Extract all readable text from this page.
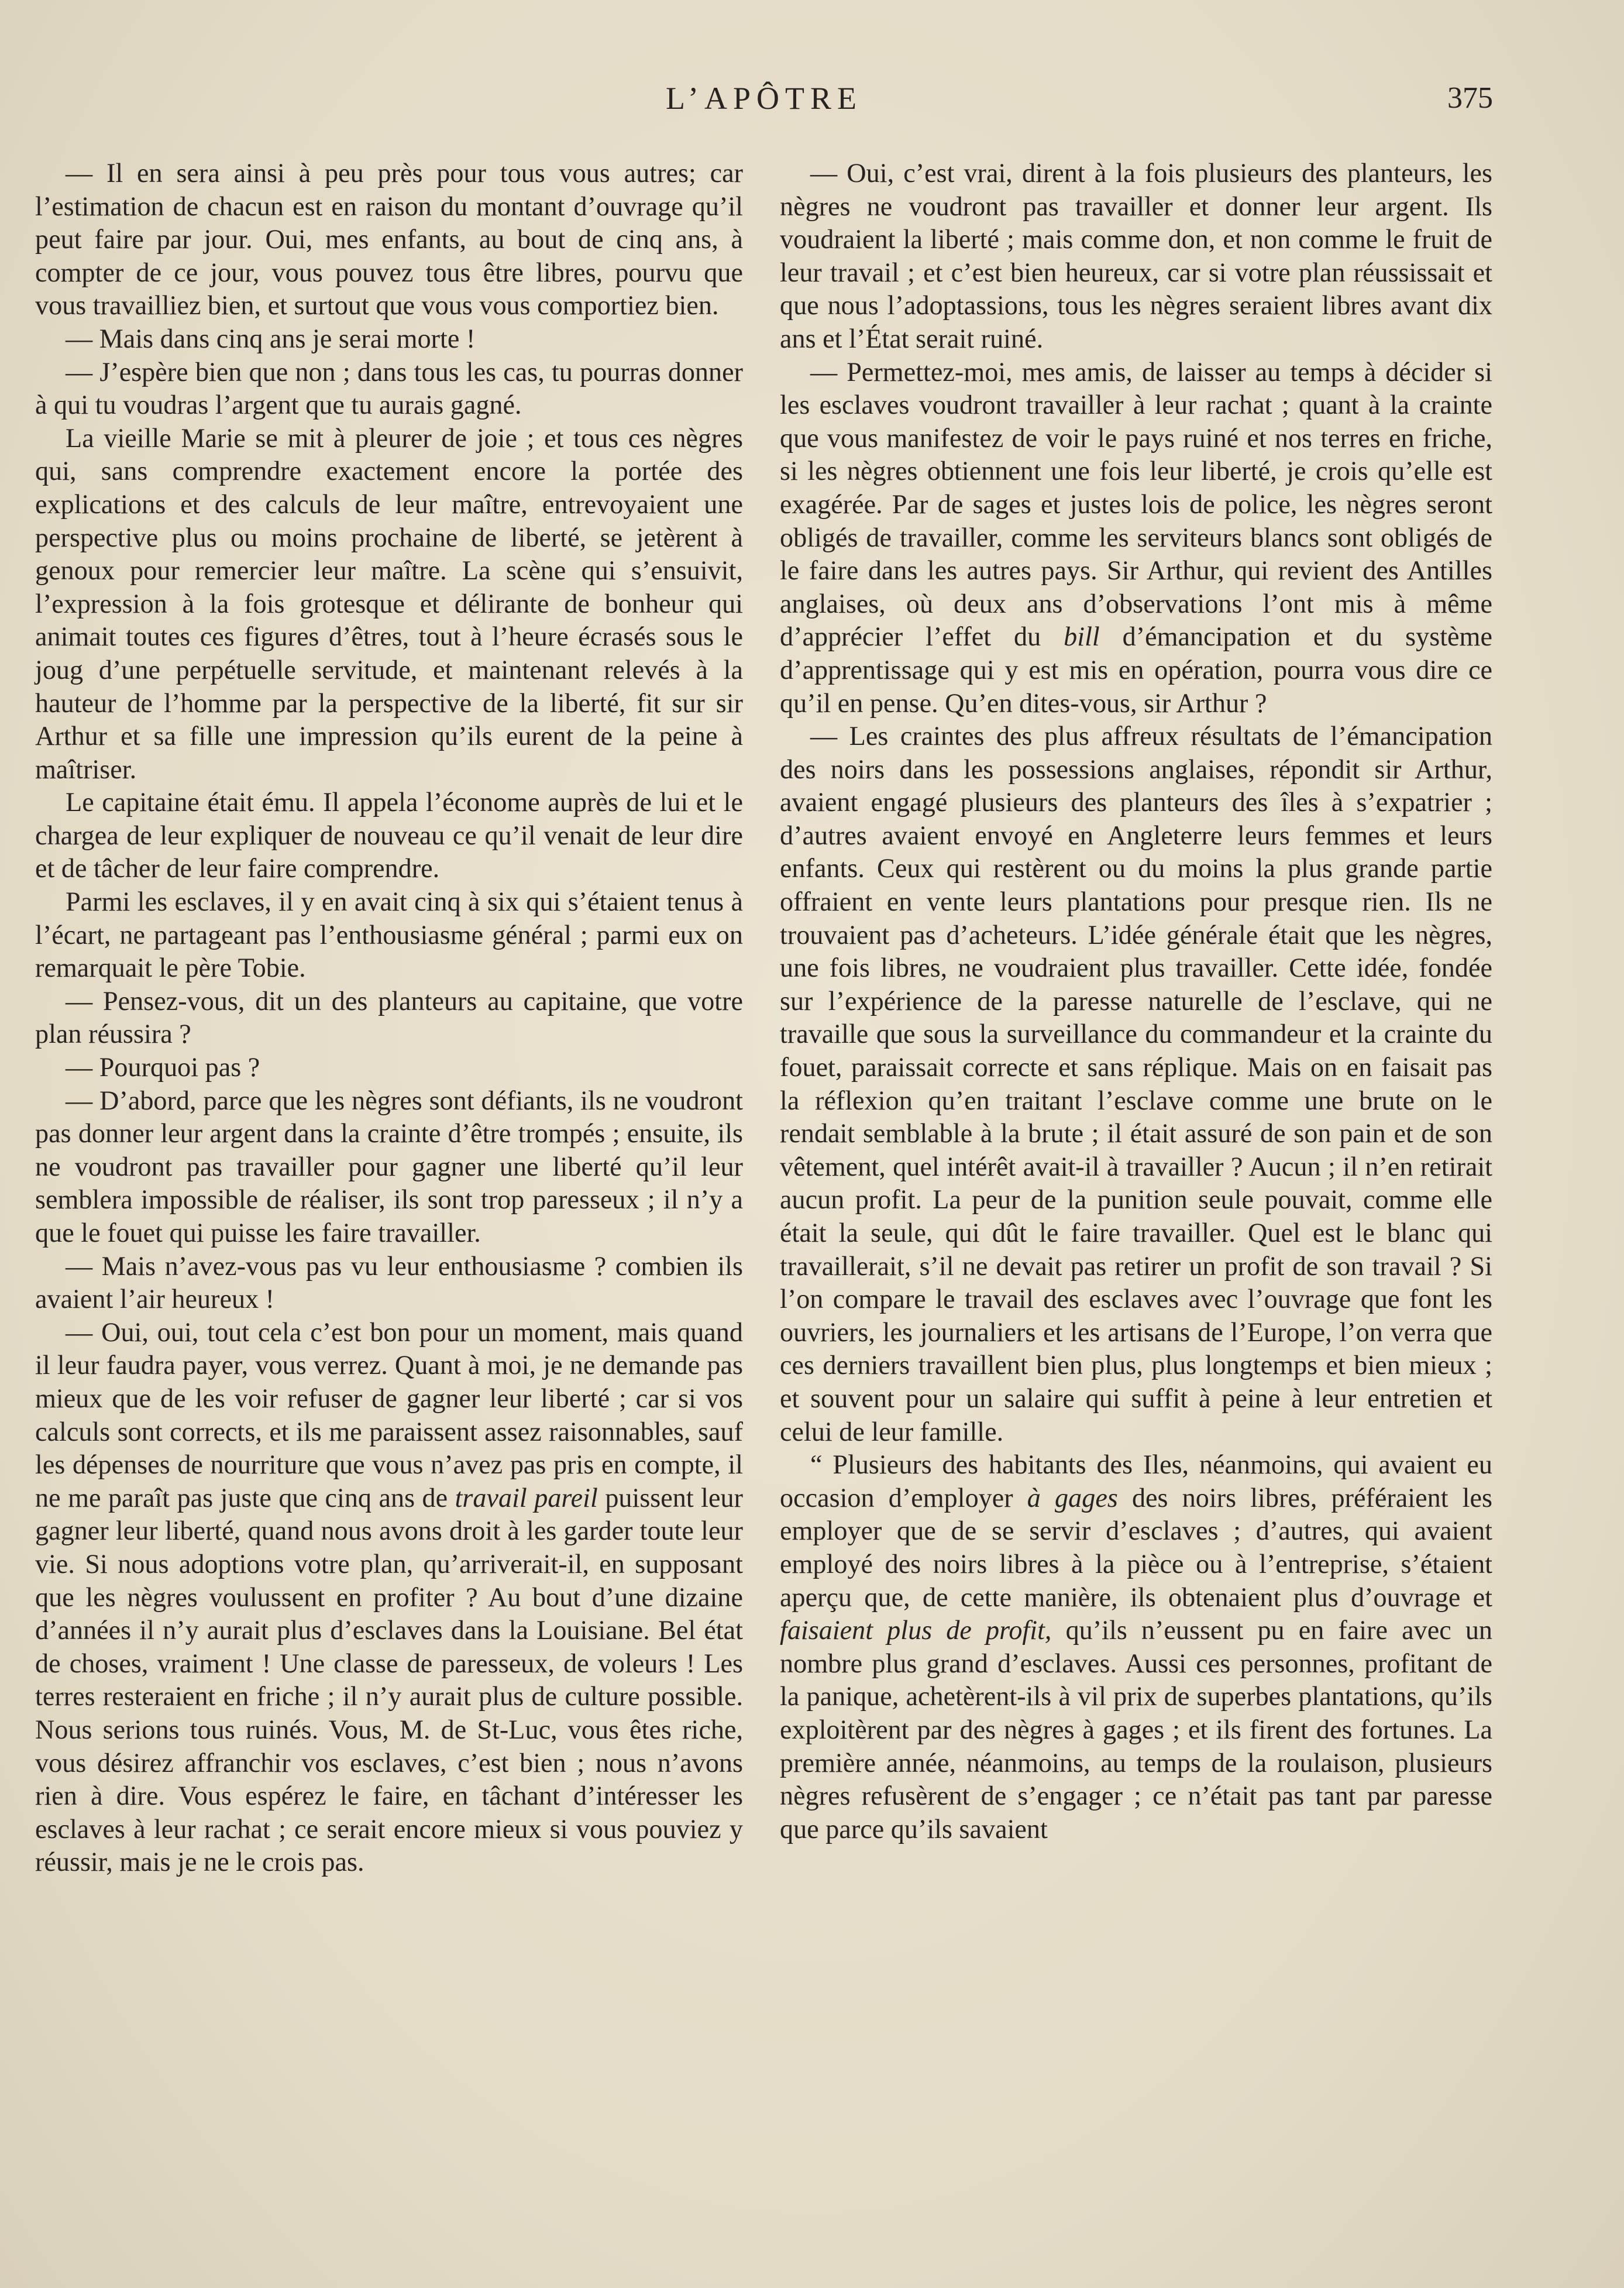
L’APÔTRE	375

— Il en sera ainsi à peu près pour tous vous autres; car l’estimation de chacun est en raison du montant d’ouvrage qu’il peut faire par jour. Oui, mes enfants, au bout de cinq ans, à compter de ce jour, vous pouvez tous être libres, pourvu que vous travailliez bien, et surtout que vous vous comportiez bien.

— Mais dans cinq ans je serai morte !

— J’espère bien que non ; dans tous les cas, tu pourras donner à qui tu voudras l’argent que tu aurais gagné.

La vieille Marie se mit à pleurer de joie ; et tous ces nègres qui, sans comprendre exactement encore la portée des explications et des calculs de leur maître, entrevoyaient une perspective plus ou moins prochaine de liberté, se jetèrent à genoux pour remercier leur maître. La scène qui s’ensuivit, l’expression à la fois grotesque et délirante de bonheur qui animait toutes ces figures d’êtres, tout à l’heure écrasés sous le joug d’une perpétuelle servitude, et maintenant relevés à la hauteur de l’homme par la perspective de la liberté, fit sur sir Arthur et sa fille une impression qu’ils eurent de la peine à maîtriser.

Le capitaine était ému. Il appela l’économe auprès de lui et le chargea de leur expliquer de nouveau ce qu’il venait de leur dire et de tâcher de leur faire comprendre.

Parmi les esclaves, il y en avait cinq à six qui s’étaient tenus à l’écart, ne partageant pas l’enthousiasme général ; parmi eux on remarquait le père Tobie.

— Pensez-vous, dit un des planteurs au capitaine, que votre plan réussira ?

— Pourquoi pas ?

— D’abord, parce que les nègres sont défiants, ils ne voudront pas donner leur argent dans la crainte d’être trompés ; ensuite, ils ne voudront pas travailler pour gagner une liberté qu’il leur semblera impossible de réaliser, ils sont trop paresseux ; il n’y a que le fouet qui puisse les faire travailler.

— Mais n’avez-vous pas vu leur enthousiasme ? combien ils avaient l’air heureux !

— Oui, oui, tout cela c’est bon pour un moment, mais quand il leur faudra payer, vous verrez. Quant à moi, je ne demande pas mieux que de les voir refuser de gagner leur liberté ; car si vos calculs sont corrects, et ils me paraissent assez raisonnables, sauf les dépenses de nourriture que vous n’avez pas pris en compte, il ne me paraît pas juste que cinq ans de travail pareil puissent leur gagner leur liberté, quand nous avons droit à les garder toute leur vie. Si nous adoptions votre plan, qu’arriverait-il, en supposant que les nègres voulussent en profiter ? Au bout d’une dizaine d’années il n’y aurait plus d’esclaves dans la Louisiane. Bel état de choses, vraiment ! Une classe de paresseux, de voleurs ! Les terres resteraient en friche ; il n’y aurait plus de culture possible. Nous serions tous ruinés. Vous, M. de St-Luc, vous êtes riche, vous désirez affranchir vos esclaves, c’est bien ; nous n’avons rien à dire. Vous espérez le faire, en tâchant d’intéresser les esclaves à leur rachat ; ce serait encore mieux si vous pouviez y réussir, mais je ne le crois pas.

— Oui, c’est vrai, dirent à la fois plusieurs des planteurs, les nègres ne voudront pas travailler et donner leur argent. Ils voudraient la liberté ; mais comme don, et non comme le fruit de leur travail ; et c’est bien heureux, car si votre plan réussissait et que nous l’adoptassions, tous les nègres seraient libres avant dix ans et l’État serait ruiné.

— Permettez-moi, mes amis, de laisser au temps à décider si les esclaves voudront travailler à leur rachat ; quant à la crainte que vous manifestez de voir le pays ruiné et nos terres en friche, si les nègres obtiennent une fois leur liberté, je crois qu’elle est exagérée. Par de sages et justes lois de police, les nègres seront obligés de travailler, comme les serviteurs blancs sont obligés de le faire dans les autres pays. Sir Arthur, qui revient des Antilles anglaises, où deux ans d’observations l’ont mis à même d’apprécier l’effet du bill d’émancipation et du système d’apprentissage qui y est mis en opération, pourra vous dire ce qu’il en pense. Qu’en dites-vous, sir Arthur ?

— Les craintes des plus affreux résultats de l’émancipation des noirs dans les possessions anglaises, répondit sir Arthur, avaient engagé plusieurs des planteurs des îles à s’expatrier ; d’autres avaient envoyé en Angleterre leurs femmes et leurs enfants. Ceux qui restèrent ou du moins la plus grande partie offraient en vente leurs plantations pour presque rien. Ils ne trouvaient pas d’acheteurs. L’idée générale était que les nègres, une fois libres, ne voudraient plus travailler. Cette idée, fondée sur l’expérience de la paresse naturelle de l’esclave, qui ne travaille que sous la surveillance du commandeur et la crainte du fouet, paraissait correcte et sans réplique. Mais on en faisait pas la réflexion qu’en traitant l’esclave comme une brute on le rendait semblable à la brute ; il était assuré de son pain et de son vêtement, quel intérêt avait-il à travailler ? Aucun ; il n’en retirait aucun profit. La peur de la punition seule pouvait, comme elle était la seule, qui dût le faire travailler. Quel est le blanc qui travaillerait, s’il ne devait pas retirer un profit de son travail ? Si l’on compare le travail des esclaves avec l’ouvrage que font les ouvriers, les journaliers et les artisans de l’Europe, l’on verra que ces derniers travaillent bien plus, plus longtemps et bien mieux ; et souvent pour un salaire qui suffit à peine à leur entretien et celui de leur famille.

“ Plusieurs des habitants des Iles, néanmoins, qui avaient eu occasion d’employer à gages des noirs libres, préféraient les employer que de se servir d’esclaves ; d’autres, qui avaient employé des noirs libres à la pièce ou à l’entreprise, s’étaient aperçu que, de cette manière, ils obtenaient plus d’ouvrage et faisaient plus de profit, qu’ils n’eussent pu en faire avec un nombre plus grand d’esclaves. Aussi ces personnes, profitant de la panique, achetèrent-ils à vil prix de superbes plantations, qu’ils exploitèrent par des nègres à gages ; et ils firent des fortunes. La première année, néanmoins, au temps de la roulaison, plusieurs nègres refusèrent de s’engager ; ce n’était pas tant par paresse que parce qu’ils savaient
